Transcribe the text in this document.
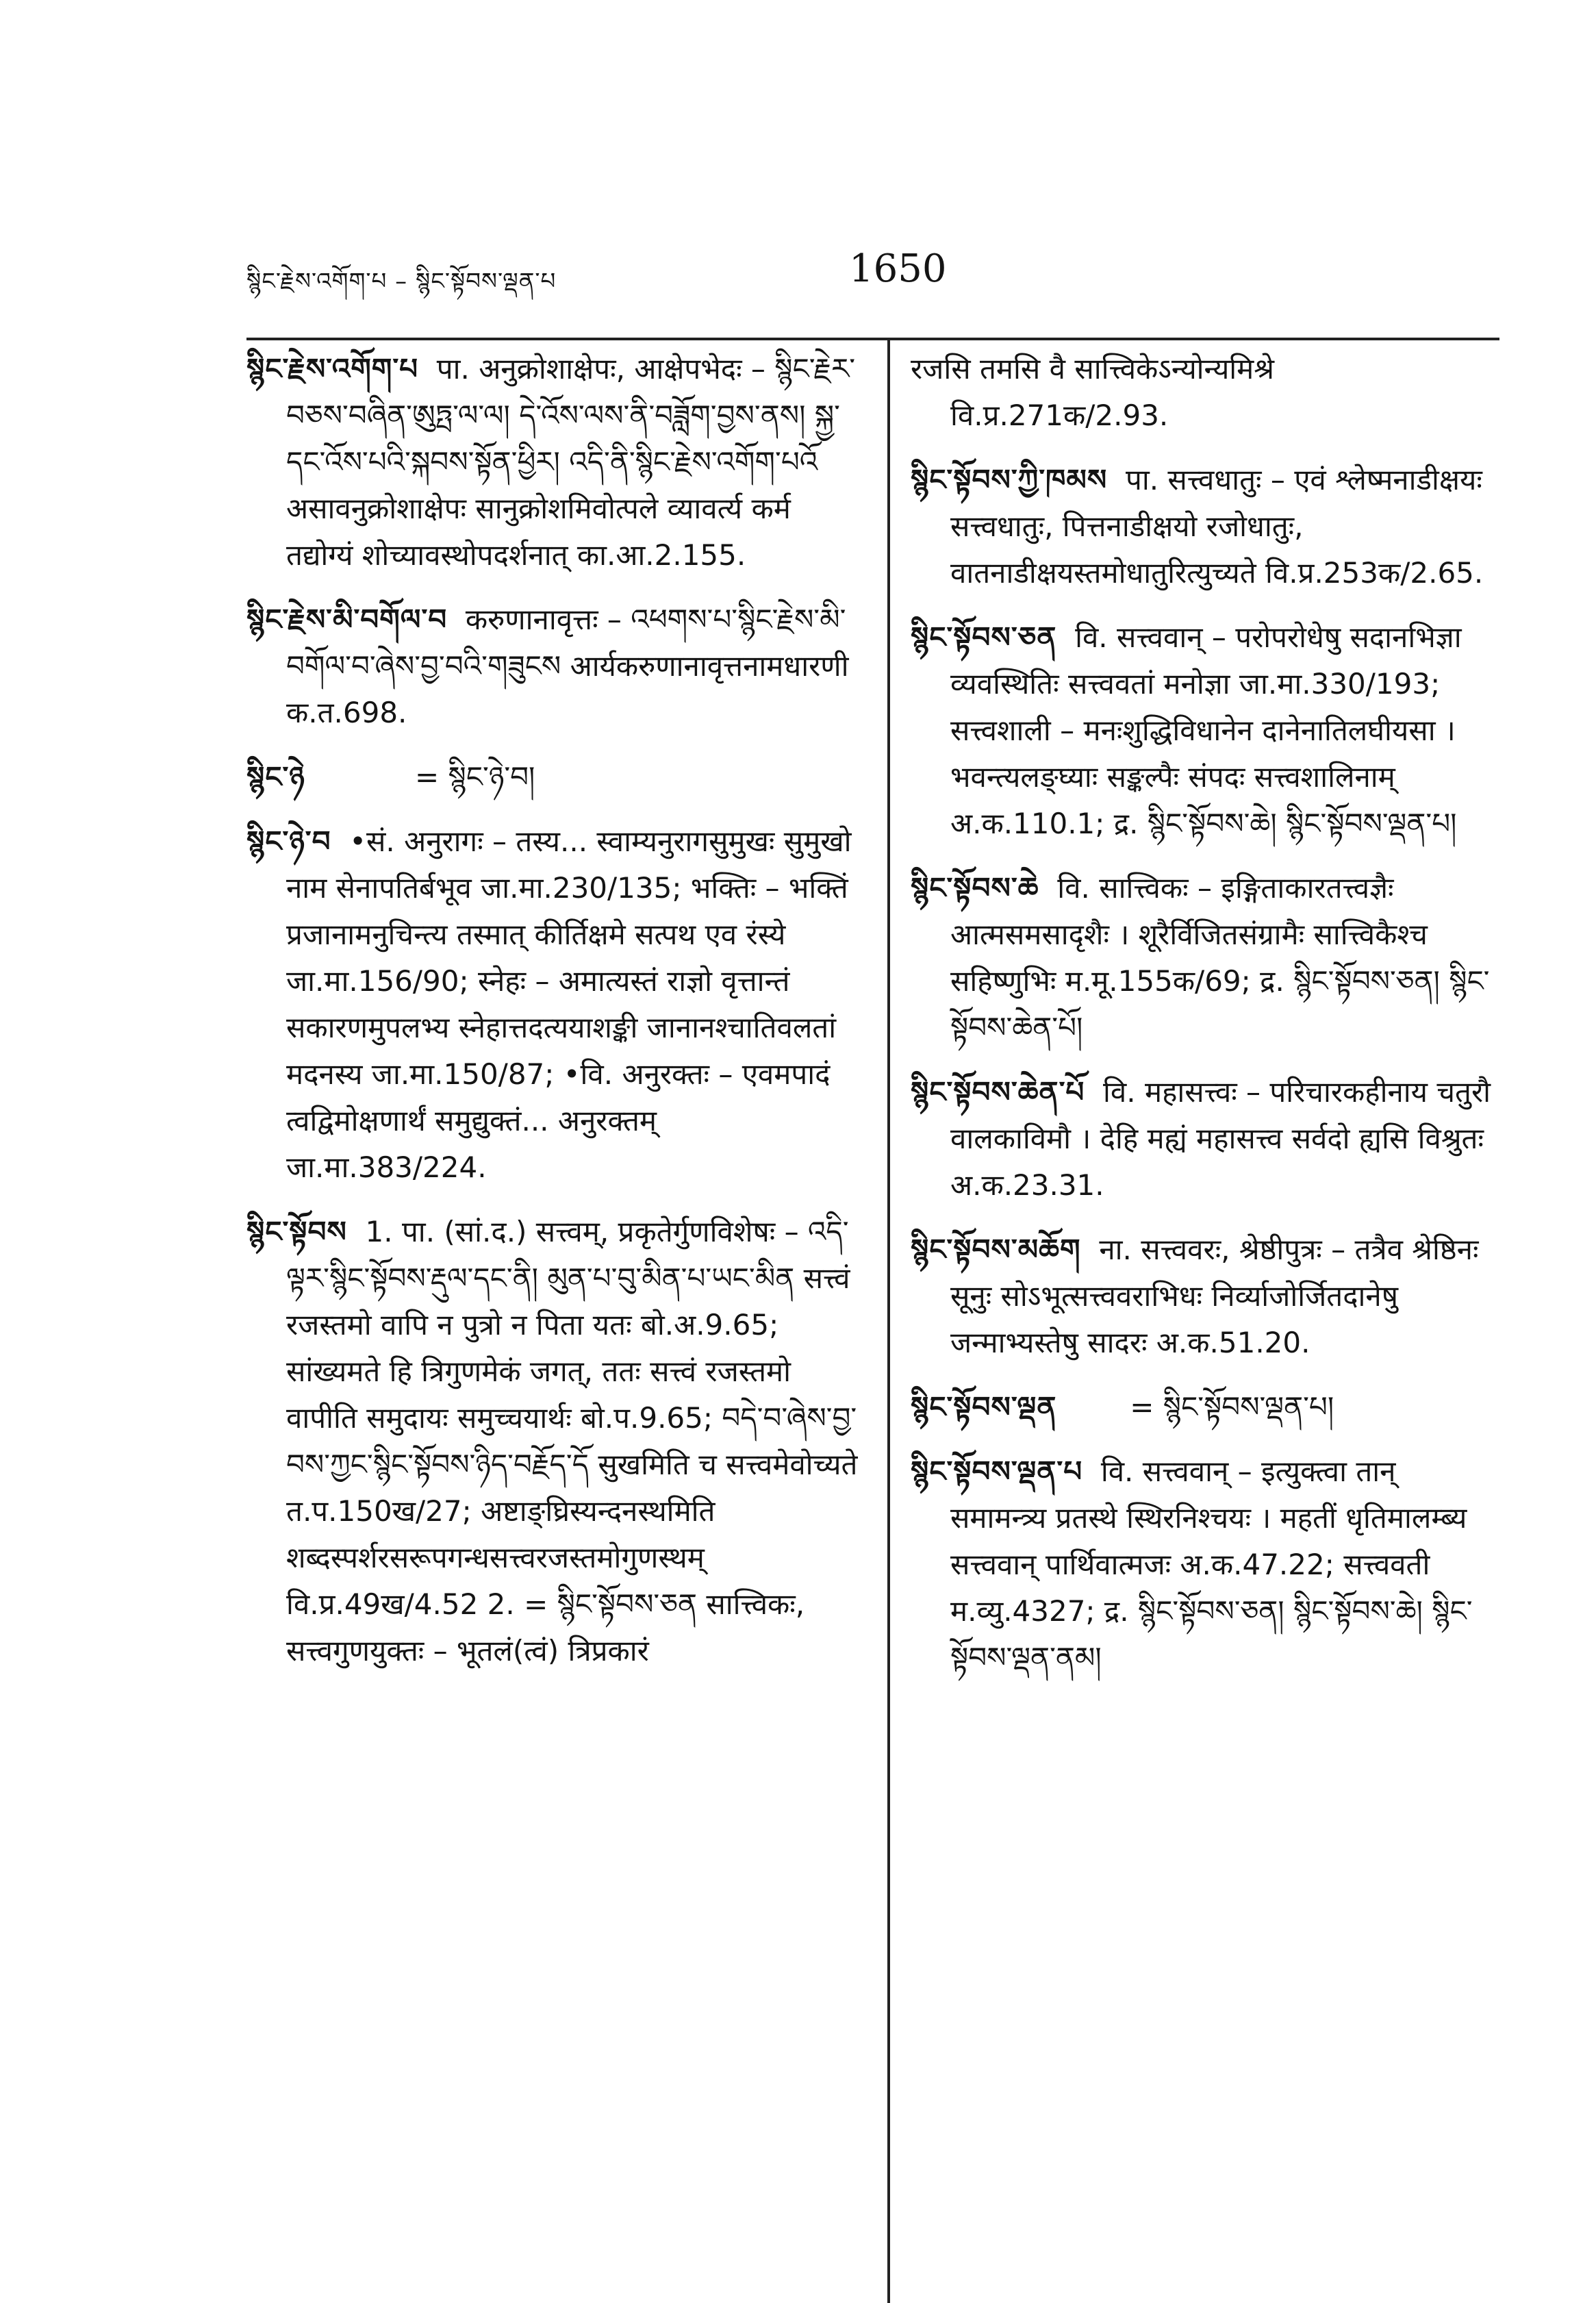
སྙིང་རྗེས་འགོག་པ – སྙིང་སྟོབས་ལྡན་པ	1650

སྙིང་རྗེས་འགོག་པ पा. अनुक्रोशाक्षेपः, आक्षेपभेदः – སྙིང་རྗེར་བཅས་བཞིན་ཨུཏྤ་ལ་ལ། དེ་འོས་ལས་ནི་བཟློག་བྱས་ནས། སྐྱ་དང་འོས་པའི་སྐབས་སྟོན་ཕྱིར། འདི་ནི་སྙིང་རྗེས་འགོག་པའོ असावनुक्रोशाक्षेपः सानुक्रोशमिवोत्पले व्यावर्त्य कर्म तद्योग्यं शोच्यावस्थोपदर्शनात् का.आ.2.155.

སྙིང་རྗེས་མི་བགོལ་བ करुणानावृत्तः – འཕགས་པ་སྙིང་རྗེས་མི་བགོལ་བ་ཞེས་བྱ་བའི་གཟུངས आर्यकरुणानावृत्तनामधारणी क.त.698.

སྙིང་ཉེ	= སྙིང་ཉེ་བ།

སྙིང་ཉེ་བ •सं. अनुरागः – तस्य... स्वाम्यनुरागसुमुखः सुमुखो नाम सेनापतिर्बभूव जा.मा.230/135; भक्तिः – भक्तिं प्रजानामनुचिन्त्य तस्मात् कीर्तिक्षमे सत्पथ एव रंस्ये जा.मा.156/90; स्नेहः – अमात्यस्तं राज्ञो वृत्तान्तं सकारणमुपलभ्य स्नेहात्तदत्ययाशङ्की जानानश्चातिवलतां मदनस्य जा.मा.150/87; •वि. अनुरक्तः – एवमपादं त्वद्विमोक्षणार्थं समुद्युक्तं... अनुरक्तम् जा.मा.383/224.

སྙིང་སྟོབས 1. पा. (सां.द.) सत्त्वम्, प्रकृतेर्गुणविशेषः – འདི་ལྟར་སྙིང་སྟོབས་རྡུལ་དང་ནི། མུན་པ་བུ་མིན་པ་ཡང་མིན सत्त्वं रजस्तमो वापि न पुत्रो न पिता यतः बो.अ.9.65; सांख्यमते हि त्रिगुणमेकं जगत्, ततः सत्त्वं रजस्तमो वापीति समुदायः समुच्चयार्थः बो.प.9.65; བདེ་བ་ཞེས་བྱ་བས་ཀྱང་སྙིང་སྟོབས་ཉིད་བརྗོད་དོ सुखमिति च सत्त्वमेवोच्यते त.प.150ख/27; अष्टाङ्घ्रिस्यन्दनस्थमिति शब्दस्पर्शरसरूपगन्धसत्त्वरजस्तमोगुणस्थम् वि.प्र.49ख/4.52 2. = སྙིང་སྟོབས་ཅན सात्त्विकः, सत्त्वगुणयुक्तः – भूतलं(त्वं) त्रिप्रकारं

रजसि तमसि वै सात्त्विकेऽन्योन्यमिश्रे वि.प्र.271क/2.93.

སྙིང་སྟོབས་ཀྱི་ཁམས पा. सत्त्वधातुः – एवं श्लेष्मनाडीक्षयः सत्त्वधातुः, पित्तनाडीक्षयो रजोधातुः, वातनाडीक्षयस्तमोधातुरित्युच्यते वि.प्र.253क/2.65.

སྙིང་སྟོབས་ཅན वि. सत्त्ववान् – परोपरोधेषु सदानभिज्ञा व्यवस्थितिः सत्त्ववतां मनोज्ञा जा.मा.330/193; सत्त्वशाली – मनःशुद्धिविधानेन दानेनातिलघीयसा । भवन्त्यलङ्घ्याः सङ्कल्पैः संपदः सत्त्वशालिनाम् अ.क.110.1; द्र. སྙིང་སྟོབས་ཆེ། སྙིང་སྟོབས་ལྡན་པ།

སྙིང་སྟོབས་ཆེ वि. सात्त्विकः – इङ्गिताकारतत्त्वज्ञैः आत्मसमसादृशैः । शूरैर्विजितसंग्रामैः सात्त्विकैश्च सहिष्णुभिः म.मू.155क/69; द्र. སྙིང་སྟོབས་ཅན། སྙིང་སྟོབས་ཆེན་པོ།

སྙིང་སྟོབས་ཆེན་པོ वि. महासत्त्वः – परिचारकहीनाय चतुरौ वालकाविमौ । देहि मह्यं महासत्त्व सर्वदो ह्यसि विश्रुतः अ.क.23.31.

སྙིང་སྟོབས་མཆོག ना. सत्त्ववरः, श्रेष्ठीपुत्रः – तत्रैव श्रेष्ठिनः सूनुः सोऽभूत्सत्त्ववराभिधः निर्व्याजोर्जितदानेषु जन्माभ्यस्तेषु सादरः अ.क.51.20.

སྙིང་སྟོབས་ལྡན	= སྙིང་སྟོབས་ལྡན་པ།

སྙིང་སྟོབས་ལྡན་པ वि. सत्त्ववान् – इत्युक्त्वा तान् समामन्त्र्य प्रतस्थे स्थिरनिश्चयः । महतीं धृतिमालम्ब्य सत्त्ववान् पार्थिवात्मजः अ.क.47.22; सत्त्ववती म.व्यु.4327; द्र. སྙིང་སྟོབས་ཅན། སྙིང་སྟོབས་ཆེ། སྙིང་སྟོབས་ལྡན་ནམ།
